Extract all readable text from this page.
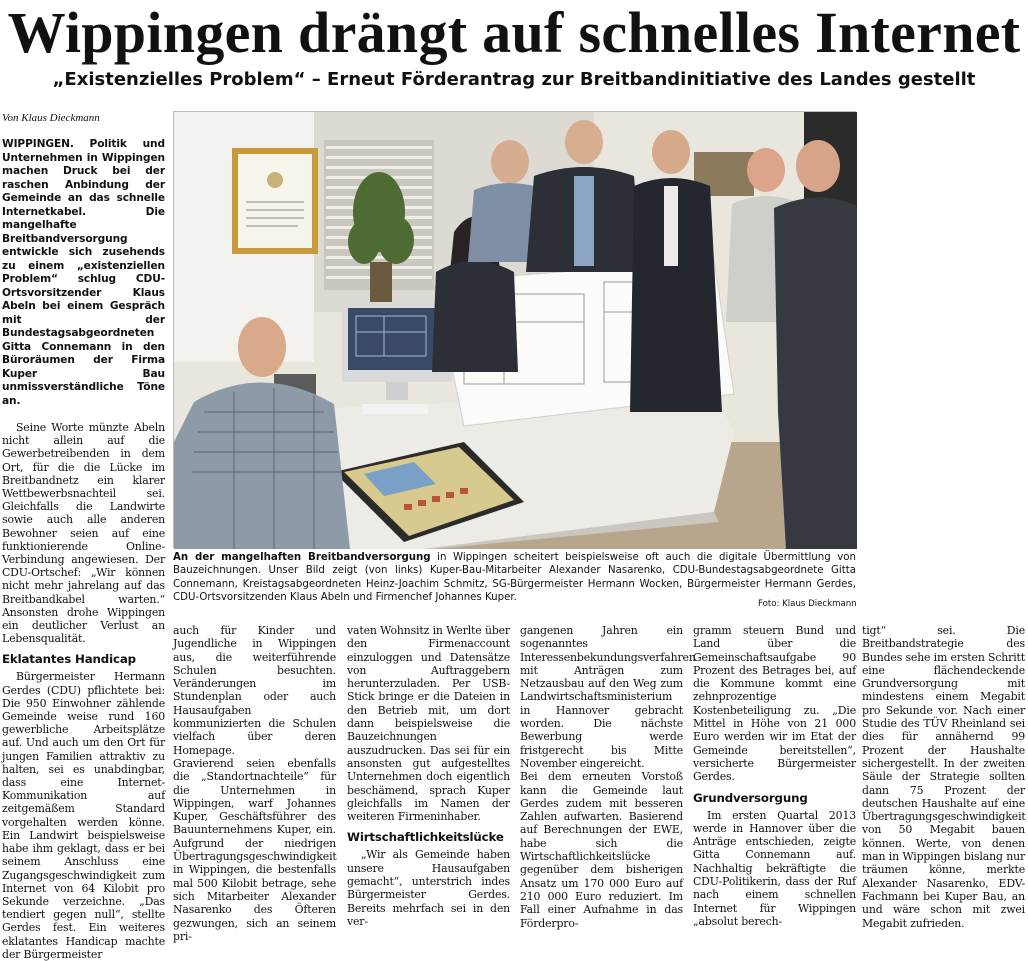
Wippingen drängt auf schnelles Internet
„Existenzielles Problem“ – Erneut Förderantrag zur Breitbandinitiative des Landes gestellt
Von Klaus Dieckmann

WIPPINGEN. Politik und Unternehmen in Wippingen machen Druck bei der raschen Anbindung der Gemeinde an das schnelle Internetkabel. Die mangelhafte Breitbandversorgung entwickle sich zusehends zu einem „existenziellen Problem“ schlug CDU-Ortsvorsitzender Klaus Abeln bei einem Gespräch mit der Bundestagsabgeordneten Gitta Connemann in den Büroräumen der Firma Kuper Bau unmissverständliche Töne an.

Seine Worte münzte Abeln nicht allein auf die Gewerbetreibenden in dem Ort, für die die Lücke im Breitbandnetz ein klarer Wettbewerbsnachteil sei. Gleichfalls die Landwirte sowie auch alle anderen Bewohner seien auf eine funktionierende Online-Verbindung angewiesen. Der CDU-Ortschef: „Wir können nicht mehr jahrelang auf das Breitbandkabel warten.“ Ansonsten drohe Wippingen ein deutlicher Verlust an Lebensqualität.

Eklatantes Handicap

Bürgermeister Hermann Gerdes (CDU) pflichtete bei: Die 950 Einwohner zählende Gemeinde weise rund 160 gewerbliche Arbeitsplätze auf. Und auch um den Ort für jungen Familien attraktiv zu halten, sei es unabdingbar, dass eine Internet-Kommunikation auf zeitgemäßem Standard vorgehalten werden könne. Ein Landwirt beispielsweise habe ihm geklagt, dass er bei seinem Anschluss eine Zugangsgeschwindigkeit zum Internet von 64 Kilobit pro Sekunde verzeichne. „Das tendiert gegen null“, stellte Gerdes fest. Ein weiteres eklatantes Handicap machte der Bürgermeister

An der mangelhaften Breitbandversorgung in Wippingen scheitert beispielsweise oft auch die digitale Übermittlung von Bauzeichnungen. Unser Bild zeigt (von links) Kuper-Bau-Mitarbeiter Alexander Nasarenko, CDU-Bundestagsabgeordnete Gitta Connemann, Kreistagsabgeordneten Heinz-Joachim Schmitz, SG-Bürgermeister Hermann Wocken, Bürgermeister Hermann Gerdes, CDU-Ortsvorsitzenden Klaus Abeln und Firmenchef Johannes Kuper.
Foto: Klaus Dieckmann

auch für Kinder und Jugendliche in Wippingen aus, die weiterführende Schulen besuchten. Veränderungen im Stundenplan oder auch Hausaufgaben kommunizierten die Schulen vielfach über deren Homepage.

Gravierend seien ebenfalls die „Standortnachteile“ für die Unternehmen in Wippingen, warf Johannes Kuper, Geschäftsführer des Bauunternehmens Kuper, ein. Aufgrund der niedrigen Übertragungsgeschwindigkeit in Wippingen, die bestenfalls mal 500 Kilobit betrage, sehe sich Mitarbeiter Alexander Nasarenko des Öfteren gezwungen, sich an seinem pri-

vaten Wohnsitz in Werlte über den Firmenaccount einzuloggen und Datensätze von Auftraggebern herunterzuladen. Per USB-Stick bringe er die Dateien in den Betrieb mit, um dort dann beispielsweise die Bauzeichnungen auszudrucken. Das sei für ein ansonsten gut aufgestelltes Unternehmen doch eigentlich beschämend, sprach Kuper gleichfalls im Namen der weiteren Firmeninhaber.

Wirtschaftlichkeitslücke

„Wir als Gemeinde haben unsere Hausaufgaben gemacht“, unterstrich indes Bürgermeister Gerdes. Bereits mehrfach sei in den ver-

gangenen Jahren ein sogenanntes Interessenbekundungsverfahren mit Anträgen zum Netzausbau auf den Weg zum Landwirtschaftsministerium in Hannover gebracht worden. Die nächste Bewerbung werde fristgerecht bis Mitte November eingereicht.

Bei dem erneuten Vorstoß kann die Gemeinde laut Gerdes zudem mit besseren Zahlen aufwarten. Basierend auf Berechnungen der EWE, habe sich die Wirtschaftlichkeitslücke gegenüber dem bisherigen Ansatz um 170 000 Euro auf 210 000 Euro reduziert. Im Fall einer Aufnahme in das Förderpro-

gramm steuern Bund und Land über die Gemeinschaftsaufgabe 90 Prozent des Betrages bei, auf die Kommune kommt eine zehnprozentige Kostenbeteiligung zu. „Die Mittel in Höhe von 21 000 Euro werden wir im Etat der Gemeinde bereitstellen“, versicherte Bürgermeister Gerdes.

Grundversorgung

Im ersten Quartal 2013 werde in Hannover über die Anträge entschieden, zeigte Gitta Connemann auf. Nachhaltig bekräftigte die CDU-Politikerin, dass der Ruf nach einem schnellen Internet für Wippingen „absolut berech-

tigt“ sei. Die Breitbandstrategie des Bundes sehe im ersten Schritt eine flächendeckende Grundversorgung mit mindestens einem Megabit pro Sekunde vor. Nach einer Studie des TÜV Rheinland sei dies für annähernd 99 Prozent der Haushalte sichergestellt. In der zweiten Säule der Strategie sollten dann 75 Prozent der deutschen Haushalte auf eine Übertragungsgeschwindigkeit von 50 Megabit bauen können. Werte, von denen man in Wippingen bislang nur träumen könne, merkte Alexander Nasarenko, EDV-Fachmann bei Kuper Bau, an und wäre schon mit zwei Megabit zufrieden.
